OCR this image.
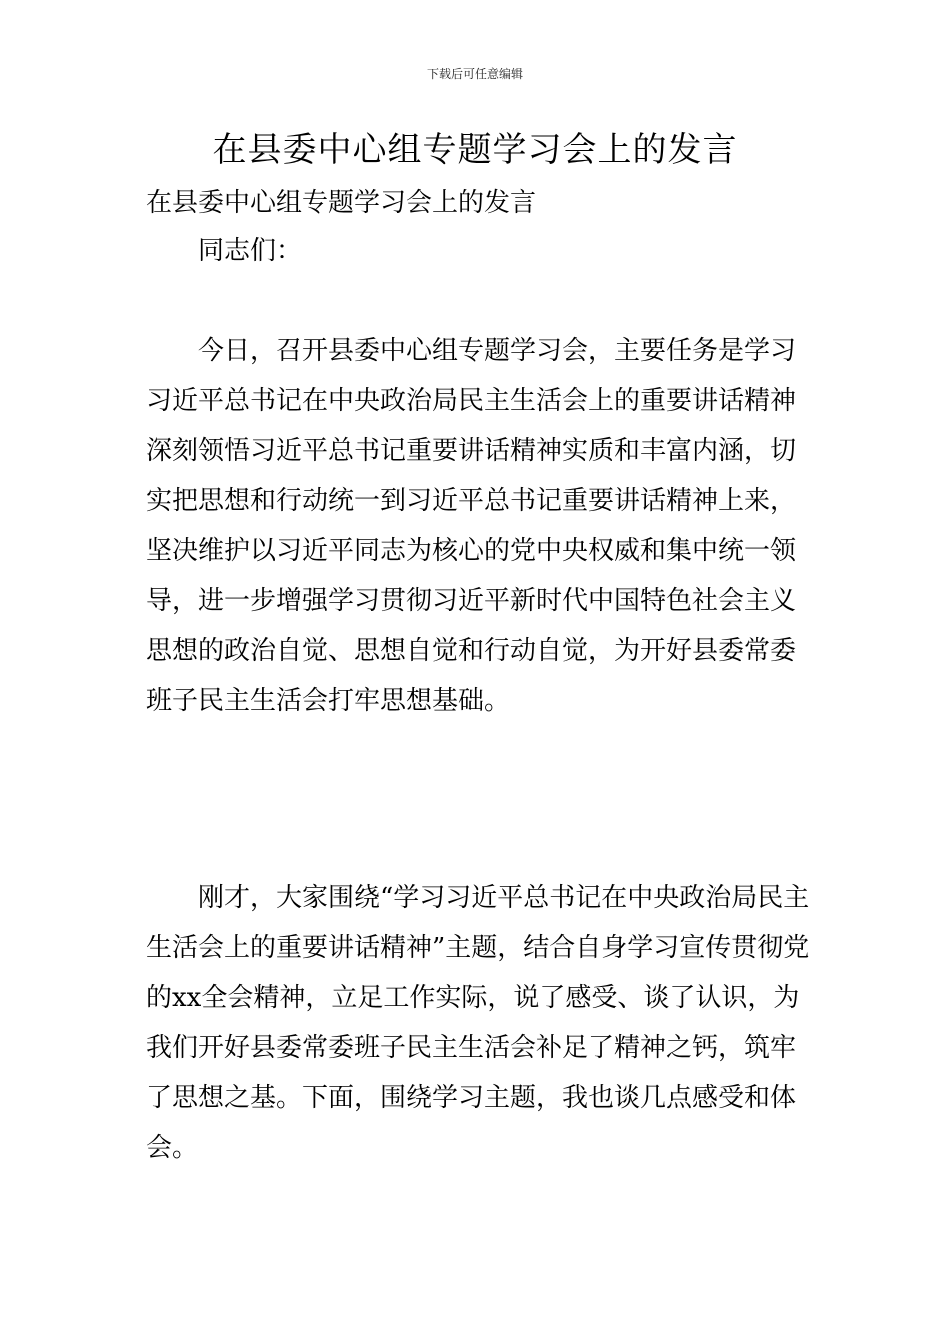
下载后可任意编辑
在县委中心组专题学习会上的发言

在县委中心组专题学习会上的发言

同志们：

今日，召开县委中心组专题学习会，主要任务是学习习近平总书记在中央政治局民主生活会上的重要讲话精神深刻领悟习近平总书记重要讲话精神实质和丰富内涵，切实把思想和行动统一到习近平总书记重要讲话精神上来，坚决维护以习近平同志为核心的党中央权威和集中统一领导，进一步增强学习贯彻习近平新时代中国特色社会主义思想的政治自觉、思想自觉和行动自觉，为开好县委常委班子民主生活会打牢思想基础。

刚才，大家围绕“学习习近平总书记在中央政治局民主生活会上的重要讲话精神”主题，结合自身学习宣传贯彻党的xx全会精神，立足工作实际，说了感受、谈了认识，为我们开好县委常委班子民主生活会补足了精神之钙，筑牢了思想之基。下面，围绕学习主题，我也谈几点感受和体会。
